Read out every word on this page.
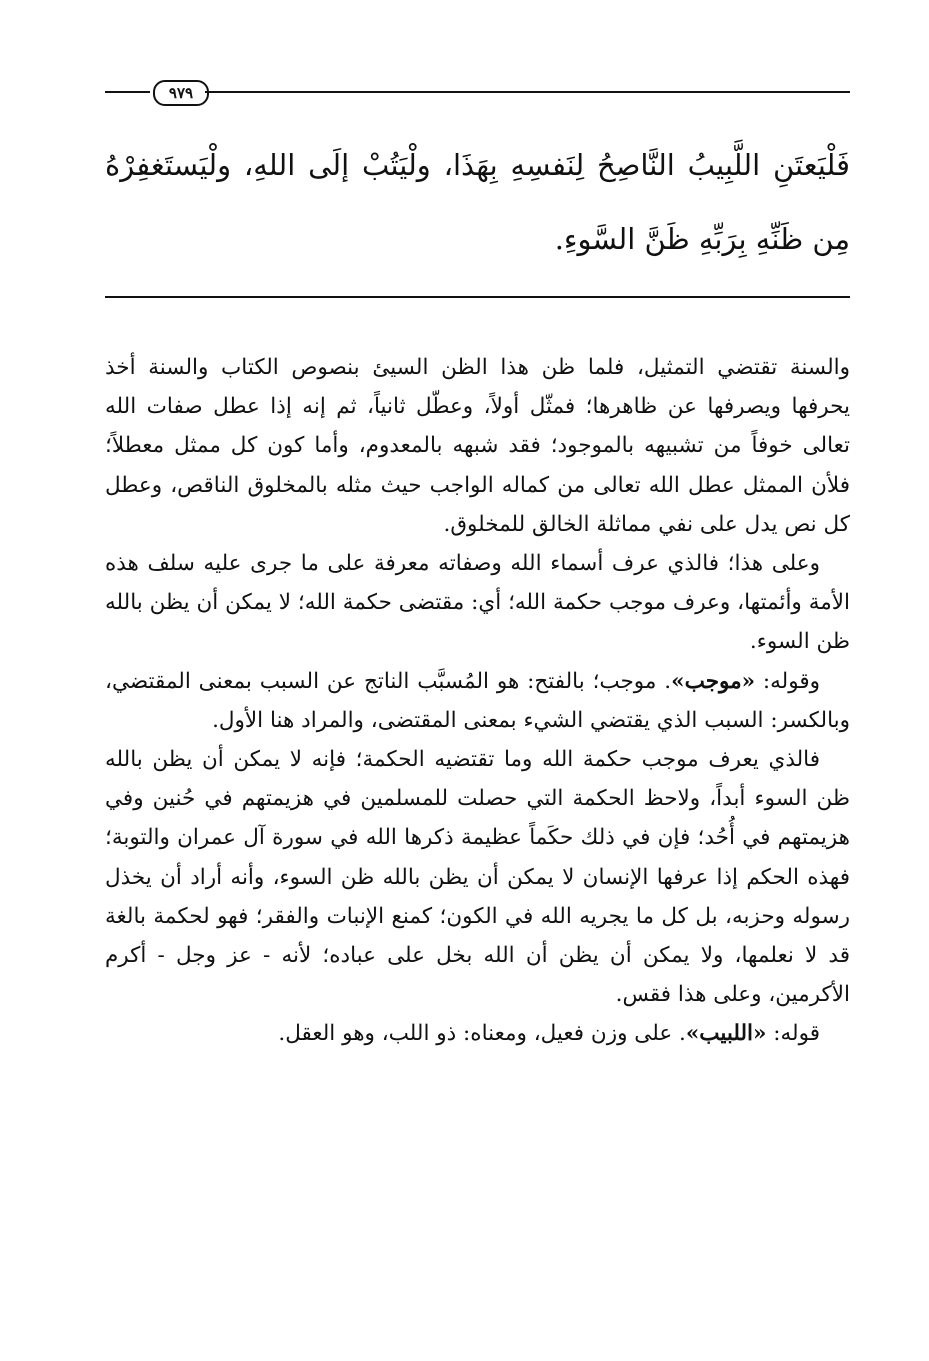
٩٧٩
فَلْيَعتَنِ اللَّبِيبُ النَّاصِحُ لِنَفسِهِ بِهَذَا، ولْيَتُبْ إلَى اللهِ، ولْيَستَغفِرْهُ مِن ظَنِّهِ بِرَبِّهِ ظَنَّ السَّوءِ.

والسنة تقتضي التمثيل، فلما ظن هذا الظن السيئ بنصوص الكتاب والسنة أخذ يحرفها ويصرفها عن ظاهرها؛ فمثّل أولاً، وعطّل ثانياً، ثم إنه إذا عطل صفات الله تعالى خوفاً من تشبيهه بالموجود؛ فقد شبهه بالمعدوم، وأما كون كل ممثل معطلاً؛ فلأن الممثل عطل الله تعالى من كماله الواجب حيث مثله بالمخلوق الناقص، وعطل كل نص يدل على نفي مماثلة الخالق للمخلوق.

وعلى هذا؛ فالذي عرف أسماء الله وصفاته معرفة على ما جرى عليه سلف هذه الأمة وأئمتها، وعرف موجب حكمة الله؛ أي: مقتضى حكمة الله؛ لا يمكن أن يظن بالله ظن السوء.

وقوله: «موجب». موجب؛ بالفتح: هو المُسبَّب الناتج عن السبب بمعنى المقتضي، وبالكسر: السبب الذي يقتضي الشيء بمعنى المقتضى، والمراد هنا الأول.

فالذي يعرف موجب حكمة الله وما تقتضيه الحكمة؛ فإنه لا يمكن أن يظن بالله ظن السوء أبداً، ولاحظ الحكمة التي حصلت للمسلمين في هزيمتهم في حُنين وفي هزيمتهم في أُحُد؛ فإن في ذلك حكَماً عظيمة ذكرها الله في سورة آل عمران والتوبة؛ فهذه الحكم إذا عرفها الإنسان لا يمكن أن يظن بالله ظن السوء، وأنه أراد أن يخذل رسوله وحزبه، بل كل ما يجريه الله في الكون؛ كمنع الإنبات والفقر؛ فهو لحكمة بالغة قد لا نعلمها، ولا يمكن أن يظن أن الله بخل على عباده؛ لأنه - عز وجل - أكرم الأكرمين، وعلى هذا فقس.

قوله: «اللبيب». على وزن فعيل، ومعناه: ذو اللب، وهو العقل.
